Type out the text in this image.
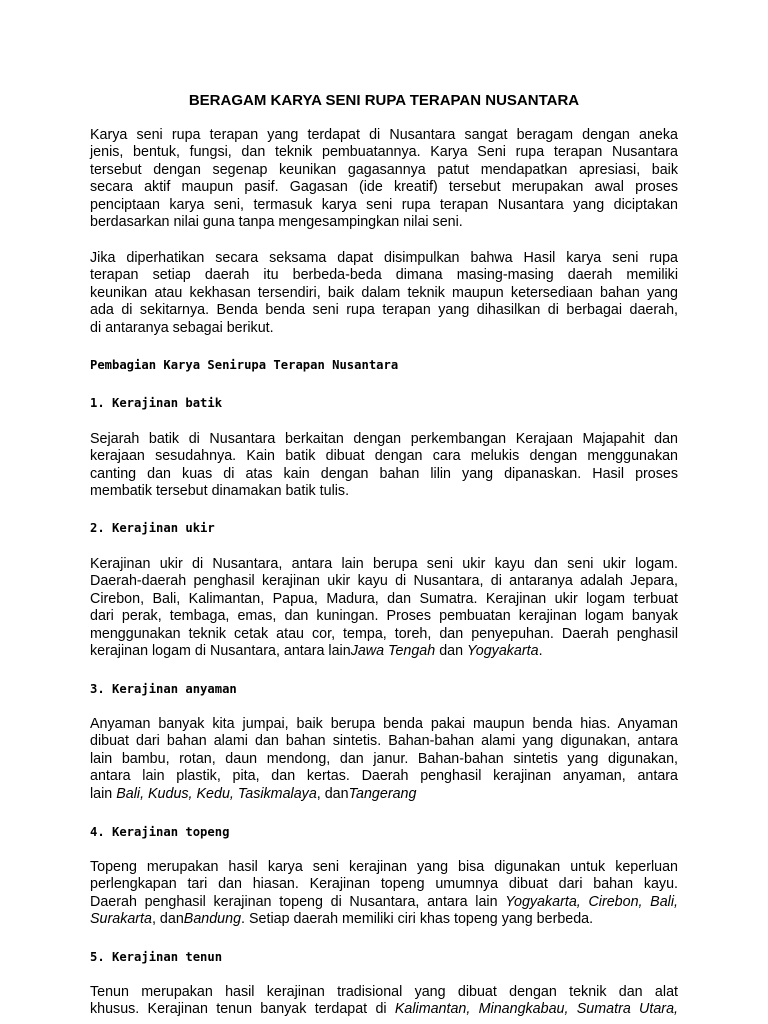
BERAGAM KARYA SENI RUPA TERAPAN NUSANTARA
Karya seni rupa terapan yang terdapat di Nusantara sangat beragam dengan aneka
jenis, bentuk, fungsi, dan teknik pembuatannya. Karya Seni rupa terapan Nusantara
tersebut dengan segenap keunikan gagasannya patut mendapatkan apresiasi, baik
secara aktif maupun pasif. Gagasan (ide kreatif) tersebut merupakan awal proses
penciptaan karya seni, termasuk karya seni rupa terapan Nusantara yang diciptakan
berdasarkan nilai guna tanpa mengesampingkan nilai seni.
Jika diperhatikan secara seksama dapat disimpulkan bahwa Hasil karya seni rupa
terapan setiap daerah itu berbeda-beda dimana masing-masing daerah memiliki
keunikan atau kekhasan tersendiri, baik dalam teknik maupun ketersediaan bahan yang
ada di sekitarnya. Benda benda seni rupa terapan yang dihasilkan di berbagai daerah,
di antaranya sebagai berikut.
Pembagian Karya Senirupa Terapan Nusantara
1. Kerajinan batik
Sejarah batik di Nusantara berkaitan dengan perkembangan Kerajaan Majapahit dan
kerajaan sesudahnya. Kain batik dibuat dengan cara melukis dengan menggunakan
canting dan kuas di atas kain dengan bahan lilin yang dipanaskan. Hasil proses
membatik tersebut dinamakan batik tulis.
2. Kerajinan ukir
Kerajinan ukir di Nusantara, antara lain berupa seni ukir kayu dan seni ukir logam.
Daerah-daerah penghasil kerajinan ukir kayu di Nusantara, di antaranya adalah Jepara,
Cirebon, Bali, Kalimantan, Papua, Madura, dan Sumatra. Kerajinan ukir logam terbuat
dari perak, tembaga, emas, dan kuningan. Proses pembuatan kerajinan logam banyak
menggunakan teknik cetak atau cor, tempa, toreh, dan penyepuhan. Daerah penghasil
kerajinan logam di Nusantara, antara lainJawa Tengah dan Yogyakarta.
3. Kerajinan anyaman
Anyaman banyak kita jumpai, baik berupa benda pakai maupun benda hias. Anyaman
dibuat dari bahan alami dan bahan sintetis. Bahan-bahan alami yang digunakan, antara
lain bambu, rotan, daun mendong, dan janur. Bahan-bahan sintetis yang digunakan,
antara lain plastik, pita, dan kertas. Daerah penghasil kerajinan anyaman, antara
lain Bali, Kudus, Kedu, Tasikmalaya, danTangerang
4. Kerajinan topeng
Topeng merupakan hasil karya seni kerajinan yang bisa digunakan untuk keperluan
perlengkapan tari dan hiasan. Kerajinan topeng umumnya dibuat dari bahan kayu.
Daerah penghasil kerajinan topeng di Nusantara, antara lain Yogyakarta, Cirebon, Bali,
Surakarta, danBandung. Setiap daerah memiliki ciri khas topeng yang berbeda.
5. Kerajinan tenun
Tenun merupakan hasil kerajinan tradisional yang dibuat dengan teknik dan alat
khusus. Kerajinan tenun banyak terdapat di Kalimantan, Minangkabau, Sumatra Utara,
